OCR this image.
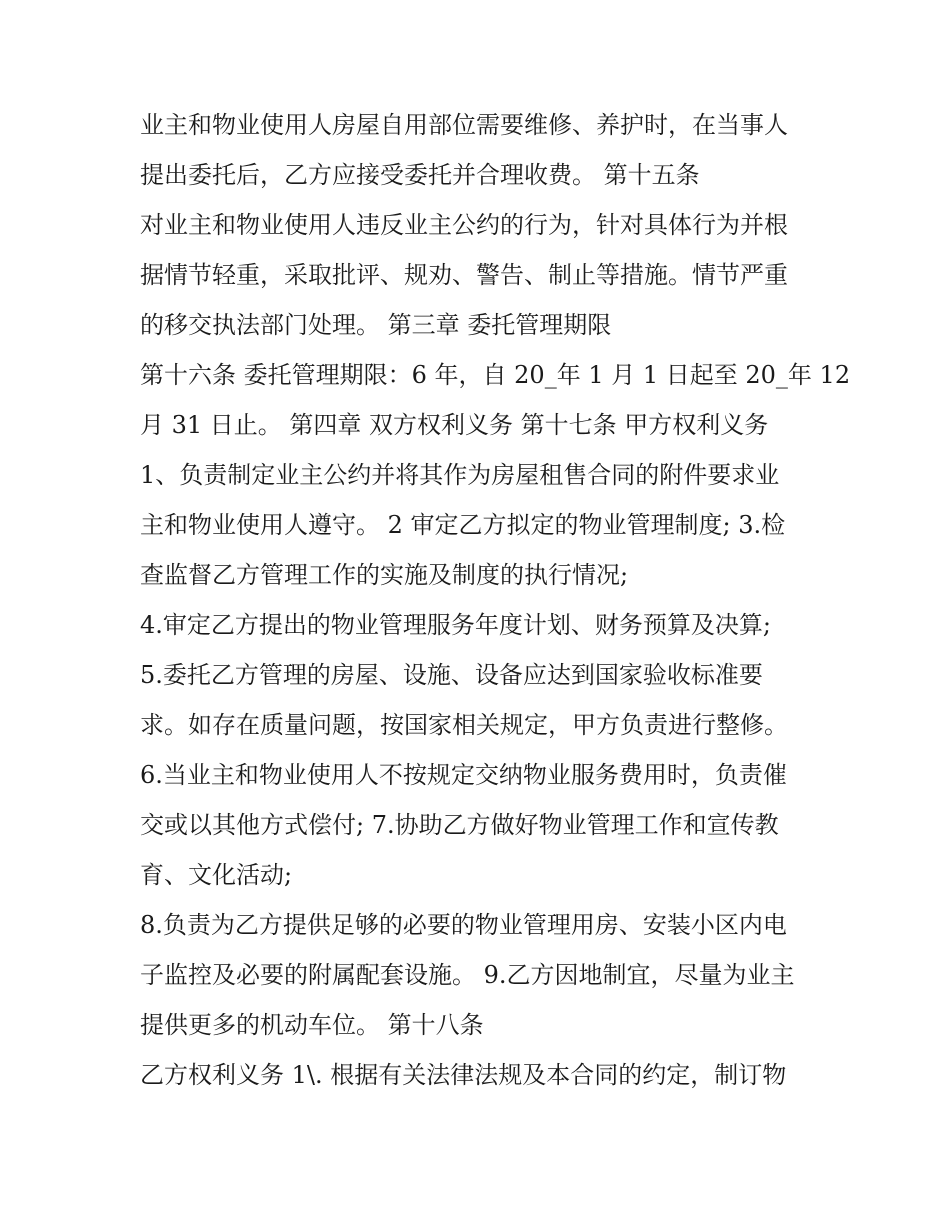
业主和物业使用人房屋自用部位需要维修、养护时，在当事人
提出委托后，乙方应接受委托并合理收费。 第十五条
对业主和物业使用人违反业主公约的行为，针对具体行为并根
据情节轻重，采取批评、规劝、警告、制止等措施。情节严重
的移交执法部门处理。 第三章 委托管理期限
第十六条 委托管理期限：6 年，自 20_年 1 月 1 日起至 20_年 12
月 31 日止。 第四章 双方权利义务 第十七条 甲方权利义务
1、负责制定业主公约并将其作为房屋租售合同的附件要求业
主和物业使用人遵守。 2 审定乙方拟定的物业管理制度; 3.检
查监督乙方管理工作的实施及制度的执行情况;
4.审定乙方提出的物业管理服务年度计划、财务预算及决算;
5.委托乙方管理的房屋、设施、设备应达到国家验收标准要
求。如存在质量问题，按国家相关规定，甲方负责进行整修。
6.当业主和物业使用人不按规定交纳物业服务费用时，负责催
交或以其他方式偿付; 7.协助乙方做好物业管理工作和宣传教
育、文化活动;
8.负责为乙方提供足够的必要的物业管理用房、安装小区内电
子监控及必要的附属配套设施。 9.乙方因地制宜，尽量为业主
提供更多的机动车位。 第十八条
乙方权利义务 1\. 根据有关法律法规及本合同的约定，制订物
